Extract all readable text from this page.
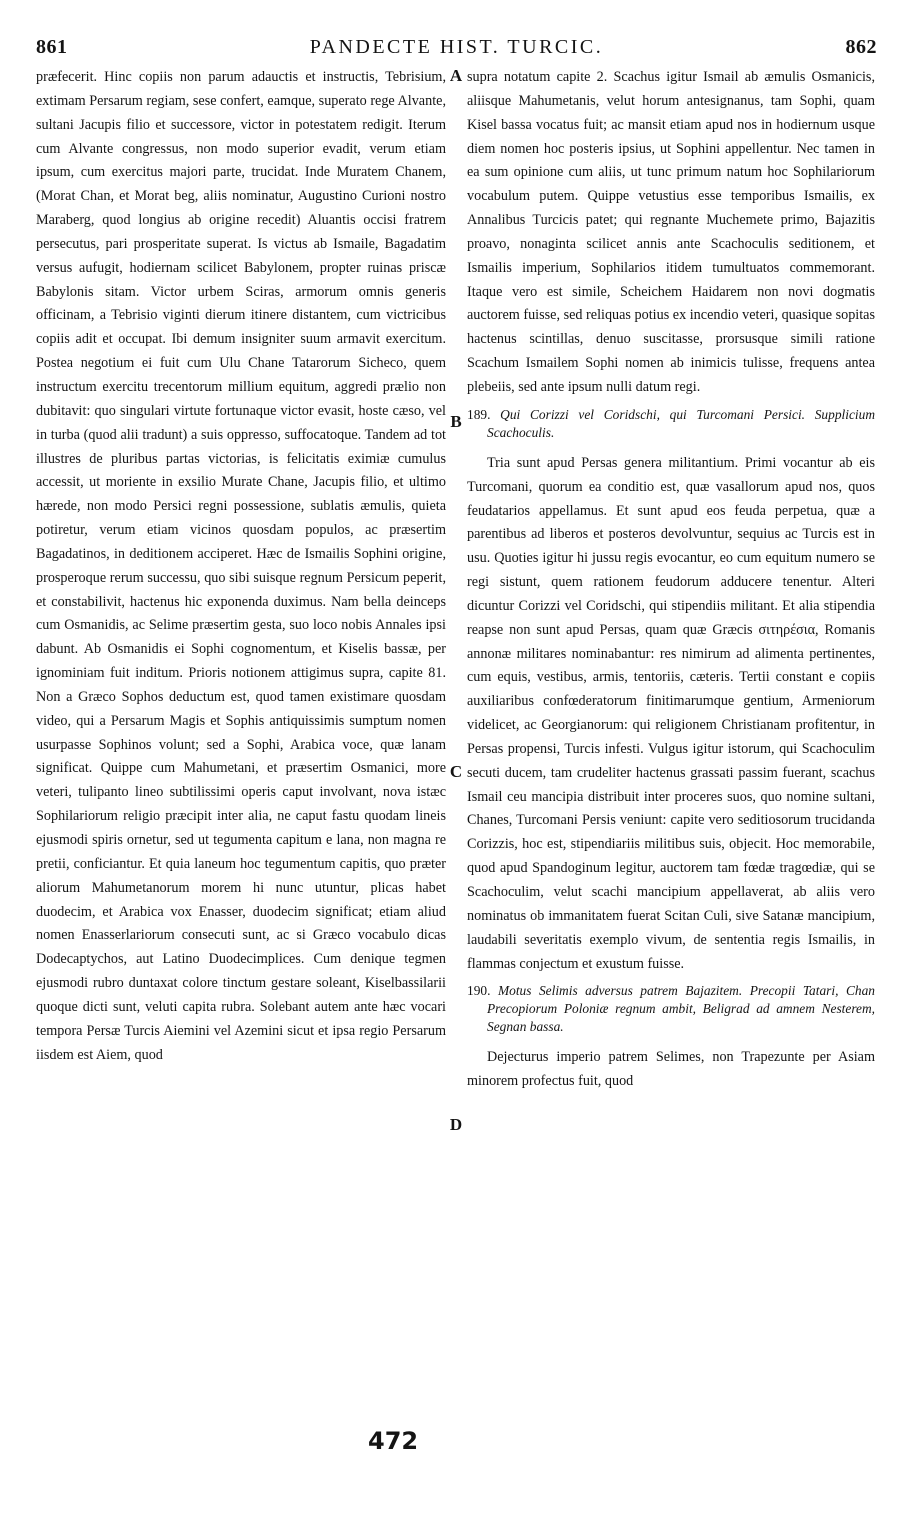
861	PANDECTE HIST. TURCIC.	862

præfecerit. Hinc copiis non parum adauctis et instructis, Tebrisium, extimam Persarum regiam, sese confert, eamque, superato rege Alvante, sultani Jacupis filio et successore, victor in potestatem redigit. Iterum cum Alvante congressus, non modo superior evadit, verum etiam ipsum, cum exercitus majori parte, trucidat. Inde Muratem Chanem, (Morat Chan, et Morat beg, aliis nominatur, Augustino Curioni nostro Maraberg, quod longius ab origine recedit) Aluantis occisi fratrem persecutus, pari prosperitate superat. Is victus ab Ismaile, Bagadatim versus aufugit, hodiernam scilicet Babylonem, propter ruinas priscæ Babylonis sitam. Victor urbem Sciras, armorum omnis generis officinam, a Tebrisio viginti dierum itinere distantem, cum victricibus copiis adit et occupat. Ibi demum insigniter suum armavit exercitum. Postea negotium ei fuit cum Ulu Chane Tatarorum Sicheco, quem instructum exercitu trecentorum millium equitum, aggredi prælio non dubitavit: quo singulari virtute fortunaque victor evasit, hoste cæso, vel in turba (quod alii tradunt) a suis oppresso, suffocatoque. Tandem ad tot illustres de pluribus partas victorias, is felicitatis eximiæ cumulus accessit, ut moriente in exsilio Murate Chane, Jacupis filio, et ultimo hærede, non modo Persici regni possessione, sublatis æmulis, quieta potiretur, verum etiam vicinos quosdam populos, ac præsertim Bagadatinos, in deditionem acciperet. Hæc de Ismailis Sophini origine, prosperoque rerum successu, quo sibi suisque regnum Persicum peperit, et constabilivit, hactenus hic exponenda duximus. Nam bella deinceps cum Osmanidis, ac Selime præsertim gesta, suo loco nobis Annales ipsi dabunt. Ab Osmanidis ei Sophi cognomentum, et Kiselis bassæ, per ignominiam fuit inditum. Prioris notionem attigimus supra, capite 81. Non a Græco Sophos deductum est, quod tamen existimare quosdam video, qui a Persarum Magis et Sophis antiquissimis sumptum nomen usurpasse Sophinos volunt; sed a Sophi, Arabica voce, quæ lanam significat. Quippe cum Mahumetani, et præsertim Osmanici, more veteri, tulipanto lineo subtilissimi operis caput involvant, nova istæc Sophilariorum religio præcipit inter alia, ne caput fastu quodam lineis ejusmodi spiris ornetur, sed ut tegumenta capitum e lana, non magna re pretii, conficiantur. Et quia laneum hoc tegumentum capitis, quo præter aliorum Mahumetanorum morem hi nunc utuntur, plicas habet duodecim, et Arabica vox Enasser, duodecim significat; etiam aliud nomen Enasserlariorum consecuti sunt, ac si Græco vocabulo dicas Dodecaptychos, aut Latino Duodecimplices. Cum denique tegmen ejusmodi rubro duntaxat colore tinctum gestare soleant, Kiselbassilarii quoque dicti sunt, veluti capita rubra. Solebant autem ante hæc vocari tempora Persæ Turcis Aiemini vel Azemini sicut et ipsa regio Persarum iisdem est Aiem, quod

A
B
C
D

supra notatum capite 2. Scachus igitur Ismail ab æmulis Osmanicis, aliisque Mahumetanis, velut horum antesignanus, tam Sophi, quam Kisel bassa vocatus fuit; ac mansit etiam apud nos in hodiernum usque diem nomen hoc posteris ipsius, ut Sophini appellentur. Nec tamen in ea sum opinione cum aliis, ut tunc primum natum hoc Sophilariorum vocabulum putem. Quippe vetustius esse temporibus Ismailis, ex Annalibus Turcicis patet; qui regnante Muchemete primo, Bajazitis proavo, nonaginta scilicet annis ante Scachoculis seditionem, et Ismailis imperium, Sophilarios itidem tumultuatos commemorant. Itaque vero est simile, Scheichem Haidarem non novi dogmatis auctorem fuisse, sed reliquas potius ex incendio veteri, quasique sopitas hactenus scintillas, denuo suscitasse, prorsusque simili ratione Scachum Ismailem Sophi nomen ab inimicis tulisse, frequens antea plebeiis, sed ante ipsum nulli datum regi.

189. Qui Corizzi vel Coridschi, qui Turcomani Persici. Supplicium Scachoculis.

Tria sunt apud Persas genera militantium. Primi vocantur ab eis Turcomani, quorum ea conditio est, quæ vasallorum apud nos, quos feudatarios appellamus. Et sunt apud eos feuda perpetua, quæ a parentibus ad liberos et posteros devolvuntur, sequius ac Turcis est in usu. Quoties igitur hi jussu regis evocantur, eo cum equitum numero se regi sistunt, quem rationem feudorum adducere tenentur. Alteri dicuntur Corizzi vel Coridschi, qui stipendiis militant. Et alia stipendia reapse non sunt apud Persas, quam quæ Græcis σιτηρέσια, Romanis annonæ militares nominabantur: res nimirum ad alimenta pertinentes, cum equis, vestibus, armis, tentoriis, cæteris. Tertii constant e copiis auxiliaribus confœderatorum finitimarumque gentium, Armeniorum videlicet, ac Georgianorum: qui religionem Christianam profitentur, in Persas propensi, Turcis infesti. Vulgus igitur istorum, qui Scachoculim secuti ducem, tam crudeliter hactenus grassati passim fuerant, scachus Ismail ceu mancipia distribuit inter proceres suos, quo nomine sultani, Chanes, Turcomani Persis veniunt: capite vero seditiosorum trucidanda Corizzis, hoc est, stipendiariis militibus suis, objecit. Hoc memorabile, quod apud Spandoginum legitur, auctorem tam fœdæ tragœdiæ, qui se Scachoculim, velut scachi mancipium appellaverat, ab aliis vero nominatus ob immanitatem fuerat Scitan Culi, sive Satanæ mancipium, laudabili severitatis exemplo vivum, de sententia regis Ismailis, in flammas conjectum et exustum fuisse.

190. Motus Selimis adversus patrem Bajazitem. Precopii Tatari, Chan Precopiorum Poloniæ regnum ambit, Beligrad ad amnem Nesterem, Segnan bassa.

Dejecturus imperio patrem Selimes, non Trapezunte per Asiam minorem profectus fuit, quod

472
